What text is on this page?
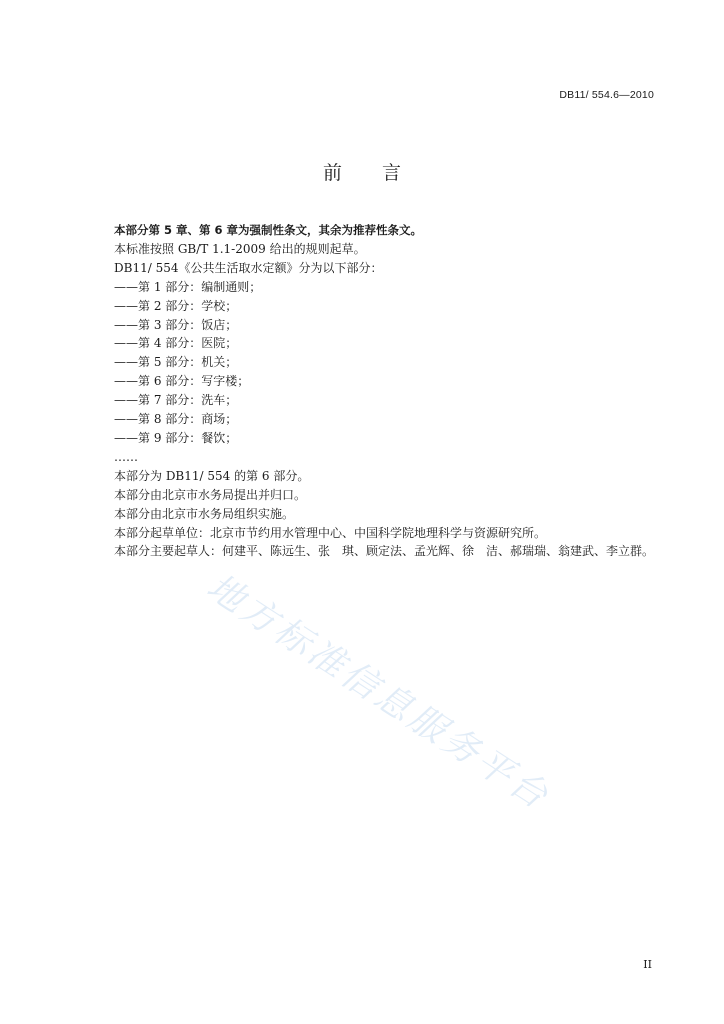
DB11/ 554.6—2010
前言
本部分第 5 章、第 6 章为强制性条文，其余为推荐性条文。
本标准按照 GB/T 1.1-2009 给出的规则起草。
DB11/ 554《公共生活取水定额》分为以下部分：
——第 1 部分：编制通则；
——第 2 部分：学校；
——第 3 部分：饭店；
——第 4 部分：医院；
——第 5 部分：机关；
——第 6 部分：写字楼；
——第 7 部分：洗车；
——第 8 部分：商场；
——第 9 部分：餐饮；
……
本部分为 DB11/ 554 的第 6 部分。
本部分由北京市水务局提出并归口。
本部分由北京市水务局组织实施。
本部分起草单位：北京市节约用水管理中心、中国科学院地理科学与资源研究所。
本部分主要起草人：何建平、陈远生、张　琪、顾定法、孟光辉、徐　洁、郝瑞瑞、翁建武、李立群。
地方标准信息服务平台
II
